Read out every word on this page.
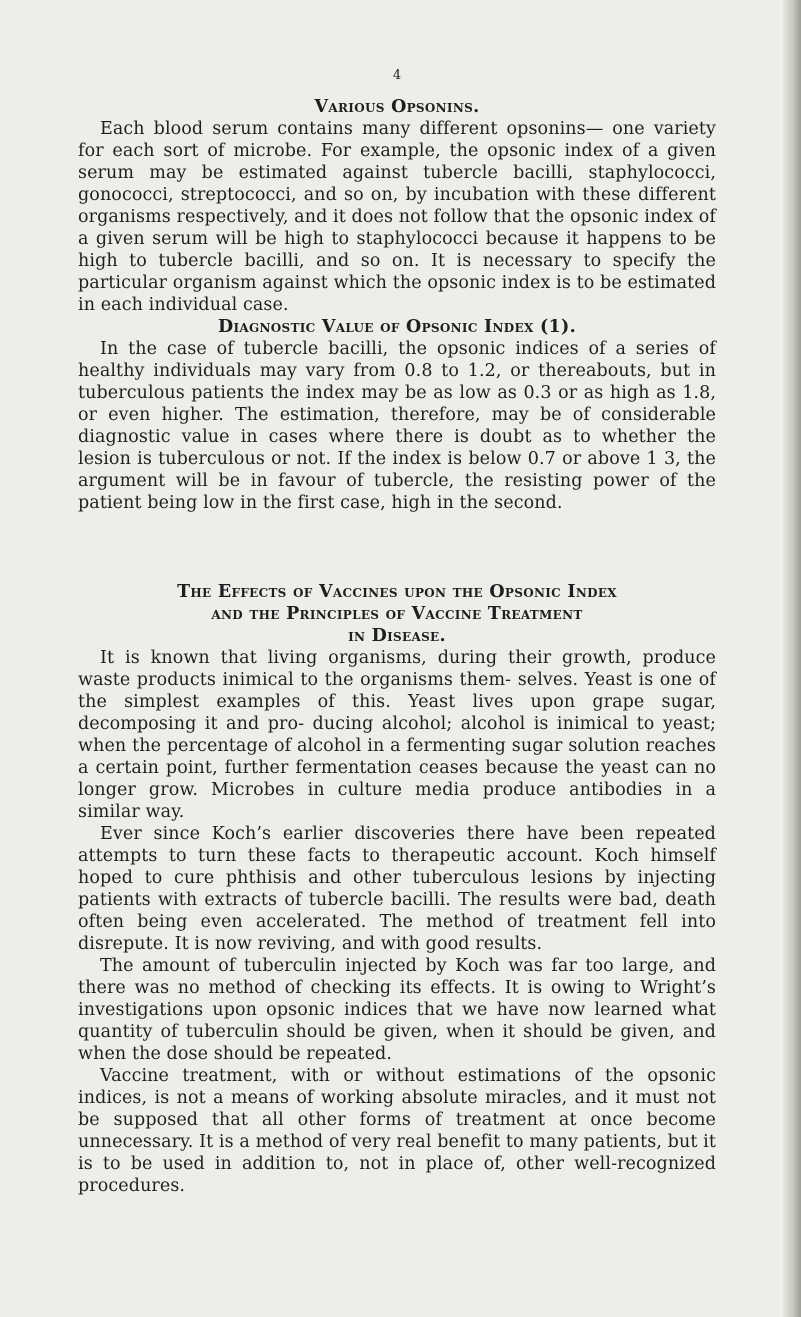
4

Various Opsonins.

Each blood serum contains many different opsonins— one variety for each sort of microbe. For example, the opsonic index of a given serum may be estimated against tubercle bacilli, staphylococci, gonococci, streptococci, and so on, by incubation with these different organisms respectively, and it does not follow that the opsonic index of a given serum will be high to staphylococci because it happens to be high to tubercle bacilli, and so on. It is necessary to specify the particular organism against which the opsonic index is to be estimated in each individual case.

Diagnostic Value of Opsonic Index (1).

In the case of tubercle bacilli, the opsonic indices of a series of healthy individuals may vary from 0.8 to 1.2, or thereabouts, but in tuberculous patients the index may be as low as 0.3 or as high as 1.8, or even higher. The estimation, therefore, may be of considerable diagnostic value in cases where there is doubt as to whether the lesion is tuberculous or not. If the index is below 0.7 or above 1 3, the argument will be in favour of tubercle, the resisting power of the patient being low in the first case, high in the second.

The Effects of Vaccines upon the Opsonic Index
and the Principles of Vaccine Treatment
in Disease.

It is known that living organisms, during their growth, produce waste products inimical to the organisms them- selves. Yeast is one of the simplest examples of this. Yeast lives upon grape sugar, decomposing it and pro- ducing alcohol; alcohol is inimical to yeast; when the percentage of alcohol in a fermenting sugar solution reaches a certain point, further fermentation ceases because the yeast can no longer grow. Microbes in culture media produce antibodies in a similar way.

Ever since Koch’s earlier discoveries there have been repeated attempts to turn these facts to therapeutic account. Koch himself hoped to cure phthisis and other tuberculous lesions by injecting patients with extracts of tubercle bacilli. The results were bad, death often being even accelerated. The method of treatment fell into disrepute. It is now reviving, and with good results.

The amount of tuberculin injected by Koch was far too large, and there was no method of checking its effects. It is owing to Wright’s investigations upon opsonic indices that we have now learned what quantity of tuberculin should be given, when it should be given, and when the dose should be repeated.

Vaccine treatment, with or without estimations of the opsonic indices, is not a means of working absolute miracles, and it must not be supposed that all other forms of treatment at once become unnecessary. It is a method of very real benefit to many patients, but it is to be used in addition to, not in place of, other well-recognized procedures.
